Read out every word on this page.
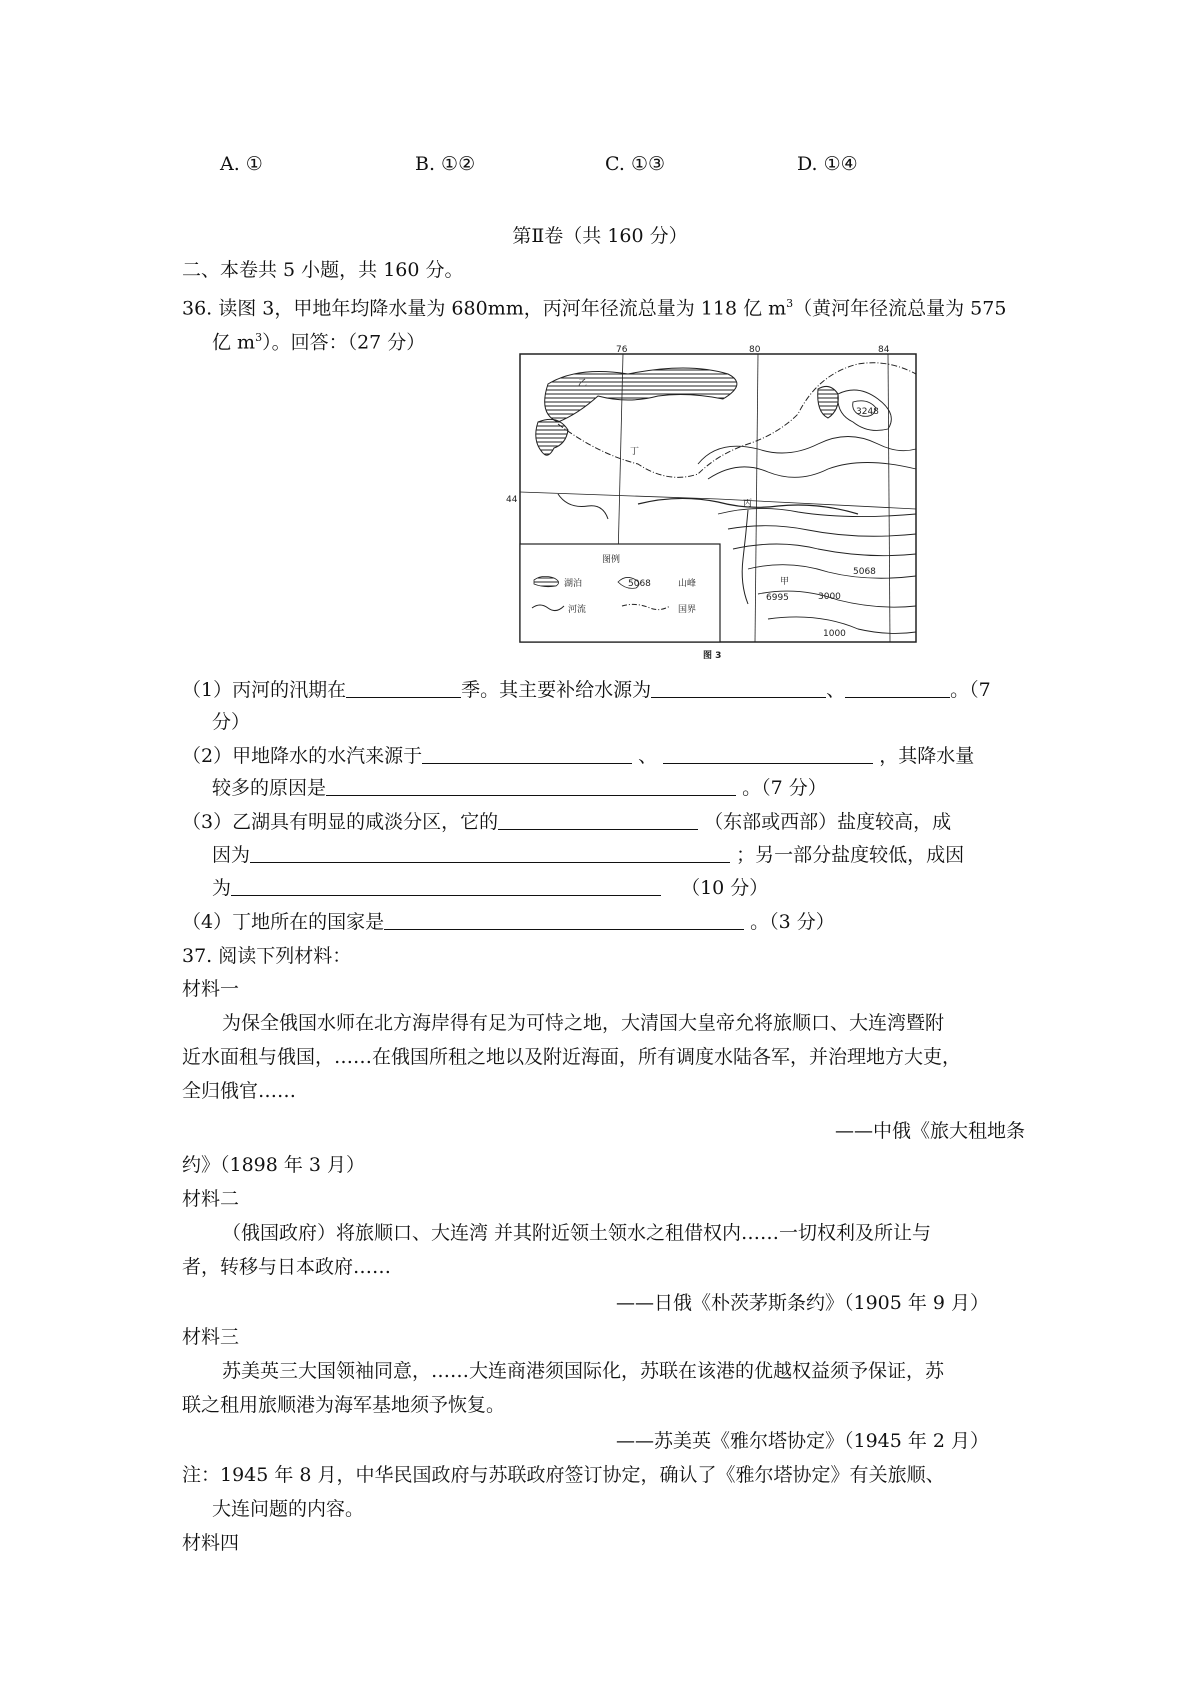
A. ①	B. ①②	C. ①③	D. ①④
第Ⅱ卷（共 160 分）
二、本卷共 5 小题，共 160 分。
36. 读图 3，甲地年均降水量为 680mm，丙河年径流总量为 118 亿 $m^3$（黄河年径流总量为 575
亿 $m^3$）。回答：（27 分）	76	80	84
44
丁
丙
甲
乙
3248
5068
6995	3000
1000
图例
湖泊	5068	山峰
河流	国界
图 3
（1）丙河的汛期在	季。其主要补给水源为	、	。（7
分）
（2）甲地降水的水汽来源于	、	，其降水量
较多的原因是	。（7 分）
（3）乙湖具有明显的咸淡分区，它的	（东部或西部）盐度较高，成
因为	；另一部分盐度较低，成因
为	（10 分）
（4）丁地所在的国家是	。（3 分）
37. 阅读下列材料：
材料一
为保全俄国水师在北方海岸得有足为可恃之地，大清国大皇帝允将旅顺口、大连湾暨附
近水面租与俄国，……在俄国所租之地以及附近海面，所有调度水陆各军，并治理地方大吏，
全归俄官……
——中俄《旅大租地条
约》（1898 年 3 月）
材料二
（俄国政府）将旅顺口、大连湾 并其附近领土领水之租借权内……一切权利及所让与
者，转移与日本政府……
——日俄《朴茨茅斯条约》（1905 年 9 月）
材料三
苏美英三大国领袖同意，……大连商港须国际化，苏联在该港的优越权益须予保证，苏
联之租用旅顺港为海军基地须予恢复。
——苏美英《雅尔塔协定》（1945 年 2 月）
注：1945 年 8 月，中华民国政府与苏联政府签订协定，确认了《雅尔塔协定》有关旅顺、
大连问题的内容。
材料四
